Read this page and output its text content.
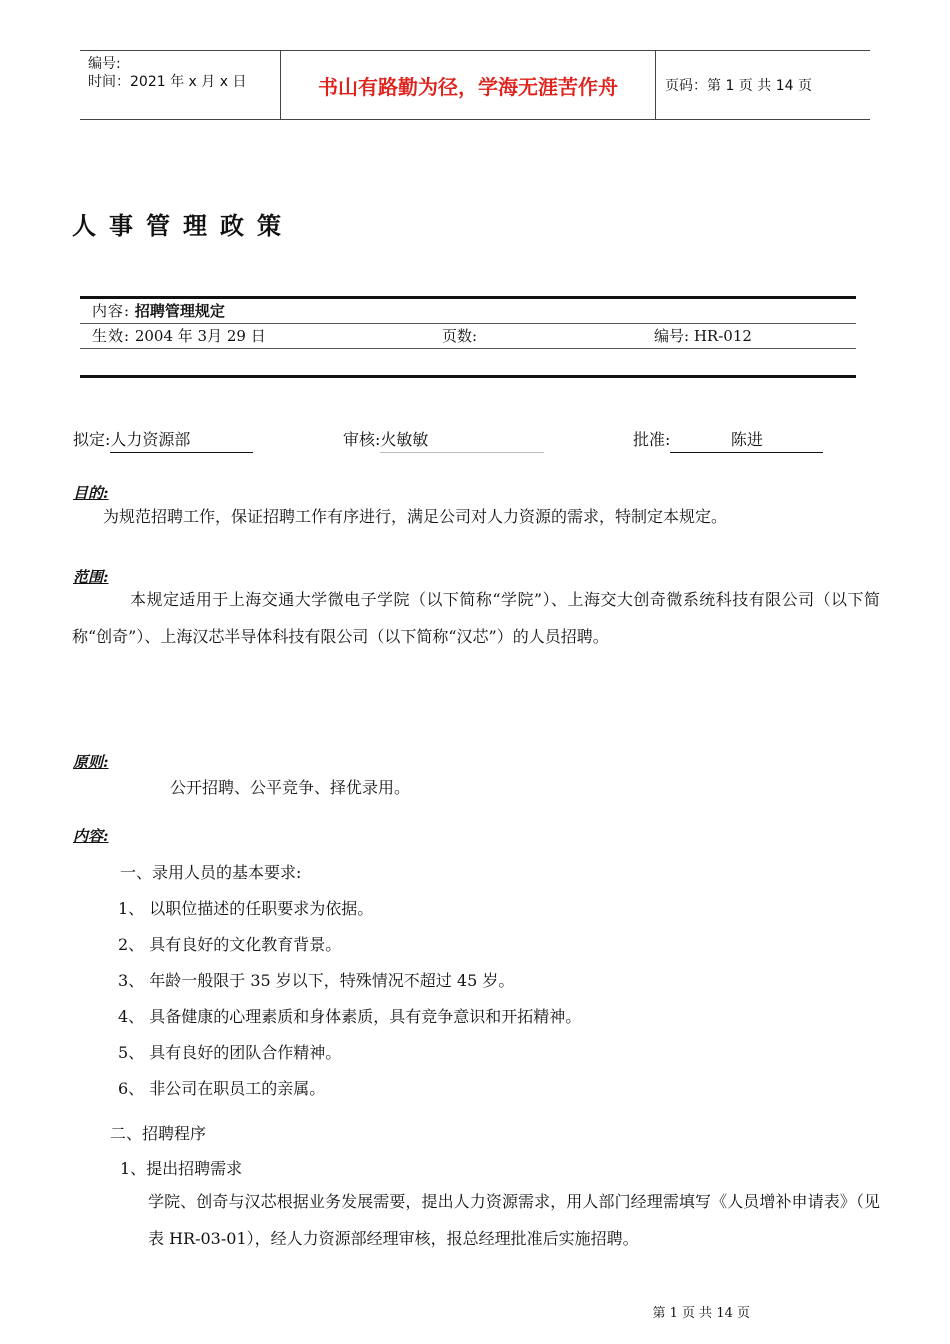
编号:
时间：2021 年 x 月 x 日	书山有路勤为径，学海无涯苦作舟	页码：第 1 页 共 14 页
人事管理政策
内容: 招聘管理规定
生效: 2004 年 3月 29 日	页数:	编号: HR-012
拟定:人力资源部	审核:火敏敏	批准:	陈进
目的:
为规范招聘工作，保证招聘工作有序进行，满足公司对人力资源的需求，特制定本规定。
范围:
本规定适用于上海交通大学微电子学院（以下简称“学院”）、上海交大创奇微系统科技有限公司（以下简称“创奇”）、上海汉芯半导体科技有限公司（以下简称“汉芯”）的人员招聘。
原则:
公开招聘、公平竞争、择优录用。
内容:
一、录用人员的基本要求:
1、 以职位描述的任职要求为依据。
2、 具有良好的文化教育背景。
3、 年龄一般限于 35 岁以下，特殊情况不超过 45 岁。
4、 具备健康的心理素质和身体素质，具有竞争意识和开拓精神。
5、 具有良好的团队合作精神。
6、 非公司在职员工的亲属。
二、招聘程序
1、提出招聘需求
学院、创奇与汉芯根据业务发展需要，提出人力资源需求，用人部门经理需填写《人员增补申请表》（见表 HR-03-01），经人力资源部经理审核，报总经理批准后实施招聘。
第 1 页 共 14 页
